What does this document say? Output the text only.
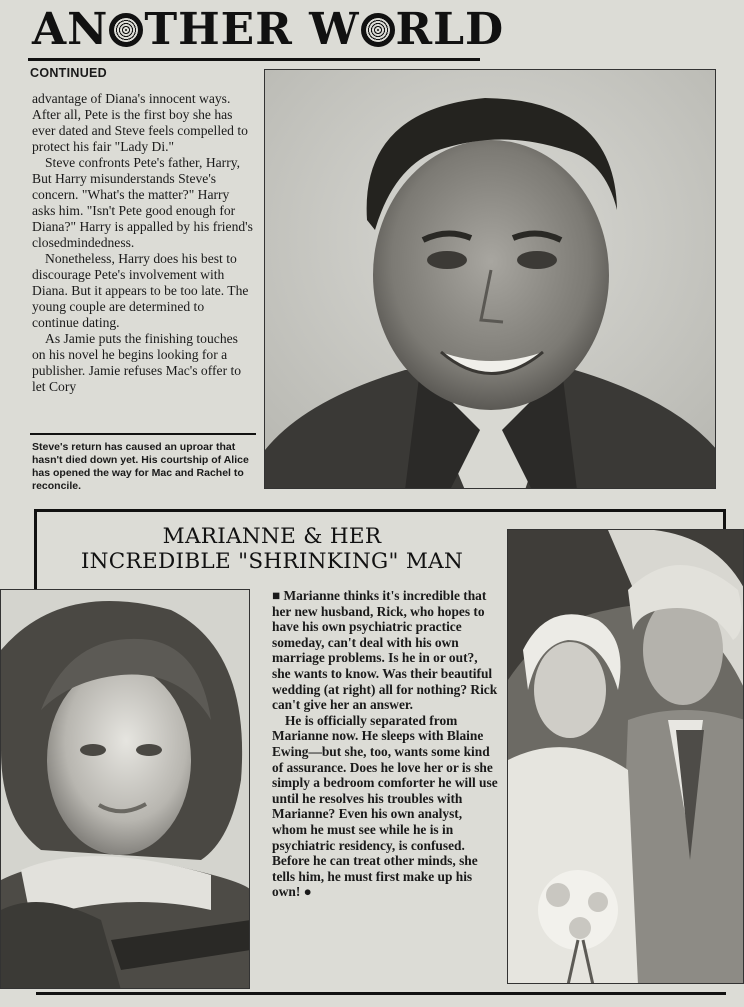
AN THER W RLD
CONTINUED

advantage of Diana's innocent ways. After all, Pete is the first boy she has ever dated and Steve feels compelled to protect his fair "Lady Di."

Steve confronts Pete's father, Harry, But Harry misunderstands Steve's concern. "What's the matter?" Harry asks him. "Isn't Pete good enough for Diana?" Harry is appalled by his friend's closedmindedness.

Nonetheless, Harry does his best to discourage Pete's involvement with Diana. But it appears to be too late. The young couple are determined to continue dating.

As Jamie puts the finishing touches on his novel he begins looking for a publisher. Jamie refuses Mac's offer to let Cory

Steve's return has caused an uproar that hasn't died down yet. His courtship of Alice has opened the way for Mac and Rachel to reconcile.
MARIANNE & HER
INCREDIBLE "SHRINKING" MAN

■ Marianne thinks it's incredible that her new husband, Rick, who hopes to have his own psychiatric practice someday, can't deal with his own marriage problems. Is he in or out?, she wants to know. Was their beautiful wedding (at right) all for nothing? Rick can't give her an answer.

He is officially separated from Marianne now. He sleeps with Blaine Ewing—but she, too, wants some kind of assurance. Does he love her or is she simply a bedroom comforter he will use until he resolves his troubles with Marianne? Even his own analyst, whom he must see while he is in psychiatric residency, is confused. Before he can treat other minds, she tells him, he must first make up his own! ●
